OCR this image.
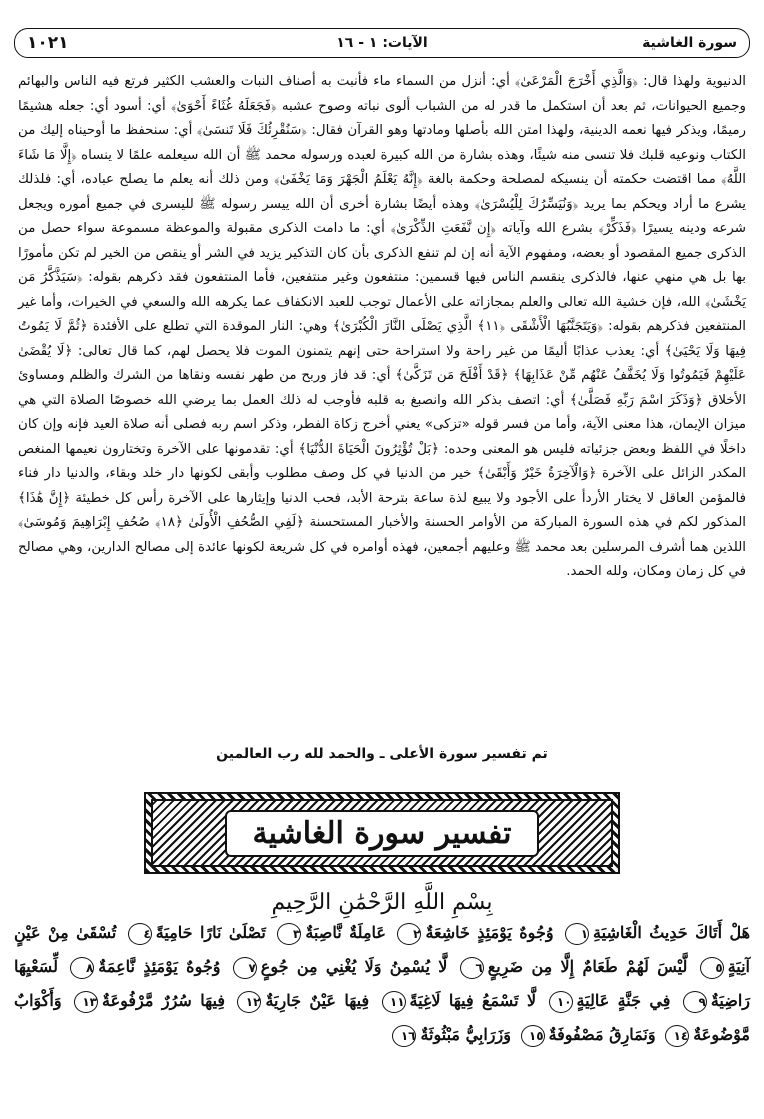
سورة الغاشية
الآيات: ١ - ١٦
١٠٢١

الدنيوية ولهذا قال: ﴿وَالَّذِي أَخْرَجَ الْمَرْعَىٰ﴾ أي: أنزل من السماء ماء فأنبت به أصناف النبات والعشب الكثير فرتع فيه الناس والبهائم وجميع الحيوانات، ثم بعد أن استكمل ما قدر له من الشباب ألوى نباته وصوح عشبه ﴿فَجَعَلَهُ غُثَاءً أَحْوَىٰ﴾ أي: أسود أي: جعله هشيمًا رميمًا، ويذكر فيها نعمه الدينية، ولهذا امتن الله بأصلها ومادتها وهو القرآن فقال: ﴿سَنُقْرِئُكَ فَلَا تَنسَىٰ﴾ أي: سنحفظ ما أوحيناه إليك من الكتاب ونوعيه قلبك فلا تنسى منه شيئًا، وهذه بشارة من الله كبيرة لعبده ورسوله محمد ﷺ أن الله سيعلمه علمًا لا ينساه ﴿إِلَّا مَا شَاءَ اللَّهُ﴾ مما اقتضت حكمته أن ينسيكه لمصلحة وحكمة بالغة ﴿إِنَّهُ يَعْلَمُ الْجَهْرَ وَمَا يَخْفَىٰ﴾ ومن ذلك أنه يعلم ما يصلح عباده، أي: فلذلك يشرع ما أراد ويحكم بما يريد ﴿وَنُيَسِّرُكَ لِلْيُسْرَىٰ﴾ وهذه أيضًا بشارة أخرى أن الله ييسر رسوله ﷺ لليسرى في جميع أموره ويجعل شرعه ودينه يسيرًا ﴿فَذَكِّرْ﴾ بشرع الله وآياته ﴿إِن نَّفَعَتِ الذِّكْرَىٰ﴾ أي: ما دامت الذكرى مقبولة والموعظة مسموعة سواء حصل من الذكرى جميع المقصود أو بعضه، ومفهوم الآية أنه إن لم تنفع الذكرى بأن كان التذكير يزيد في الشر أو ينقص من الخير لم تكن مأمورًا بها بل هي منهي عنها، فالذكرى ينقسم الناس فيها قسمين: منتفعون وغير منتفعين، فأما المنتفعون فقد ذكرهم بقوله: ﴿سَيَذَّكَّرُ مَن يَخْشَىٰ﴾ الله، فإن خشية الله تعالى والعلم بمجازاته على الأعمال توجب للعبد الانكفاف عما يكرهه الله والسعي في الخيرات، وأما غير المنتفعين فذكرهم بقوله: ﴿وَيَتَجَنَّبُهَا الْأَشْقَى ﴿١١﴾ الَّذِي يَصْلَى النَّارَ الْكُبْرَىٰ﴾ وهي: النار الموقدة التي تطلع على الأفئدة ﴿ثُمَّ لَا يَمُوتُ فِيهَا وَلَا يَحْيَىٰ﴾ أي: يعذب عذابًا أليمًا من غير راحة ولا استراحة حتى إنهم يتمنون الموت فلا يحصل لهم، كما قال تعالى: ﴿لَا يُقْضَىٰ عَلَيْهِمْ فَيَمُوتُوا وَلَا يُخَفَّفُ عَنْهُم مِّنْ عَذَابِهَا﴾ ﴿قَدْ أَفْلَحَ مَن تَزَكَّىٰ﴾ أي: قد فاز وربح من طهر نفسه ونقاها من الشرك والظلم ومساوئ الأخلاق ﴿وَذَكَرَ اسْمَ رَبِّهِ فَصَلَّىٰ﴾ أي: اتصف بذكر الله وانصبغ به قلبه فأوجب له ذلك العمل بما يرضي الله خصوصًا الصلاة التي هي ميزان الإيمان، هذا معنى الآية، وأما من فسر قوله «تزكى» يعني أخرج زكاة الفطر، وذكر اسم ربه فصلى أنه صلاة العيد فإنه وإن كان داخلًا في اللفظ وبعض جزئياته فليس هو المعنى وحده: ﴿بَلْ تُؤْثِرُونَ الْحَيَاةَ الدُّنْيَا﴾ أي: تقدمونها على الآخرة وتختارون نعيمها المنغص المكدر الزائل على الآخرة ﴿وَالْآخِرَةُ خَيْرٌ وَأَبْقَىٰ﴾ خير من الدنيا في كل وصف مطلوب وأبقى لكونها دار خلد وبقاء، والدنيا دار فناء فالمؤمن العاقل لا يختار الأردأ على الأجود ولا يبيع لذة ساعة بترحة الأبد، فحب الدنيا وإيثارها على الآخرة رأس كل خطيئة ﴿إِنَّ هَٰذَا﴾ المذكور لكم في هذه السورة المباركة من الأوامر الحسنة والأخبار المستحسنة ﴿لَفِي الصُّحُفِ الْأُولَىٰ ﴿١٨﴾ صُحُفِ إِبْرَاهِيمَ وَمُوسَىٰ﴾ اللذين هما أشرف المرسلين بعد محمد ﷺ وعليهم أجمعين، فهذه أوامره في كل شريعة لكونها عائدة إلى مصالح الدارين، وهي مصالح في كل زمان ومكان، ولله الحمد.

تم تفسير سورة الأعلى ـ والحمد لله رب العالمين
تفسير سورة الغاشية
بِسْمِ اللَّهِ الرَّحْمَٰنِ الرَّحِيمِ
هَلْ أَتَاكَ حَدِيثُ الْغَاشِيَةِ١ وُجُوهٌ يَوْمَئِذٍ خَاشِعَةٌ٢ عَامِلَةٌ نَّاصِبَةٌ٣ تَصْلَىٰ نَارًا حَامِيَةً٤ تُسْقَىٰ مِنْ عَيْنٍ آنِيَةٍ٥ لَّيْسَ لَهُمْ طَعَامٌ إِلَّا مِن ضَرِيعٍ٦ لَّا يُسْمِنُ وَلَا يُغْنِي مِن جُوعٍ٧ وُجُوهٌ يَوْمَئِذٍ نَّاعِمَةٌ٨ لِّسَعْيِهَا رَاضِيَةٌ٩ فِي جَنَّةٍ عَالِيَةٍ١٠ لَّا تَسْمَعُ فِيهَا لَاغِيَةً١١ فِيهَا عَيْنٌ جَارِيَةٌ١٢ فِيهَا سُرُرٌ مَّرْفُوعَةٌ١٣ وَأَكْوَابٌ مَّوْضُوعَةٌ١٤ وَنَمَارِقُ مَصْفُوفَةٌ١٥ وَزَرَابِيُّ مَبْثُوثَةٌ١٦
